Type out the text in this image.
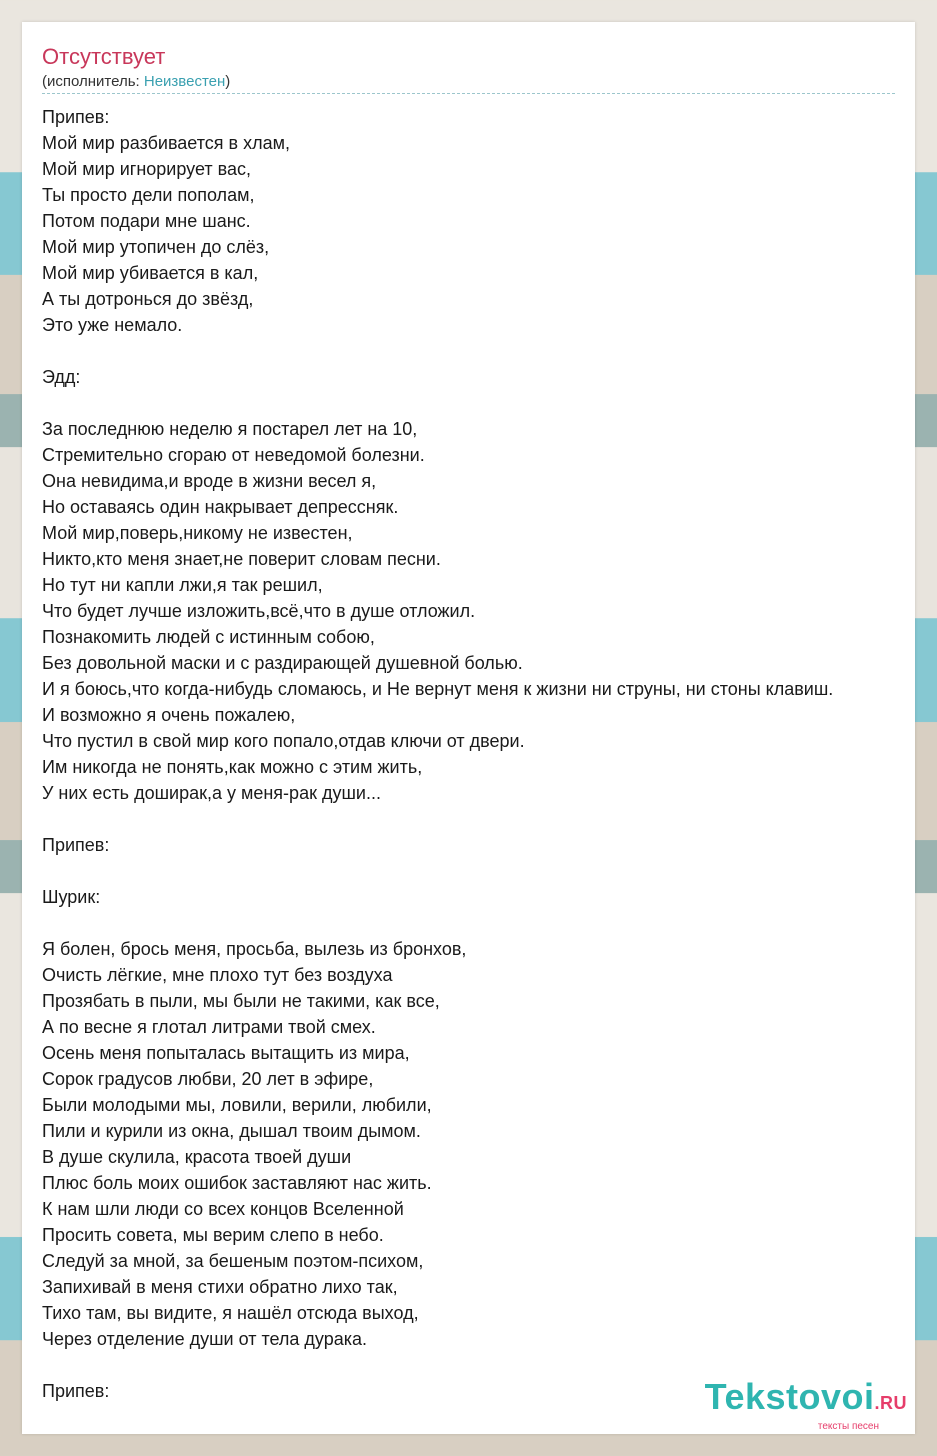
Отсутствует
(исполнитель: Неизвестен)
Припев:
Мой мир разбивается в хлам,
Мой мир игнорирует вас,
Ты просто дели пополам,
Потом подари мне шанс.
Мой мир утопичен до слёз,
Мой мир убивается в кал,
А ты дотронься до звёзд,
Это уже немало.
Эдд:
За последнюю неделю я постарел лет на 10,
Стремительно сгораю от неведомой болезни.
Она невидима,и вроде в жизни весел я,
Но оставаясь один накрывает депрессняк.
Мой мир,поверь,никому не известен,
Никто,кто меня знает,не поверит словам песни.
Но тут ни капли лжи,я так решил,
Что будет лучше изложить,всё,что в душе отложил.
Познакомить людей с истинным собою,
Без довольной маски и с раздирающей душевной болью.
И я боюсь,что когда-нибудь сломаюсь, и Не вернут меня к жизни ни струны, ни стоны клавиш.
И возможно я очень пожалею,
Что пустил в свой мир кого попало,отдав ключи от двери.
Им никогда не понять,как можно с этим жить,
У них есть доширак,а у меня-рак души...
Припев:
Шурик:
Я болен, брось меня, просьба, вылезь из бронхов,
Очисть лёгкие, мне плохо тут без воздуха
Прозябать в пыли, мы были не такими, как все,
А по весне я глотал литрами твой смех.
Осень меня попыталась вытащить из мира,
Сорок градусов любви, 20 лет в эфире,
Были молодыми мы, ловили, верили, любили,
Пили и курили из окна, дышал твоим дымом.
В душе скулила, красота твоей души
Плюс боль моих ошибок заставляют нас жить.
К нам шли люди со всех концов Вселенной
Просить совета, мы верим слепо в небо.
Следуй за мной, за бешеным поэтом-психом,
Запихивай в меня стихи обратно лихо так,
Тихо там, вы видите, я нашёл отсюда выход,
Через отделение души от тела дурака.
Припев:	Tekstovoi.RU
тексты песен
